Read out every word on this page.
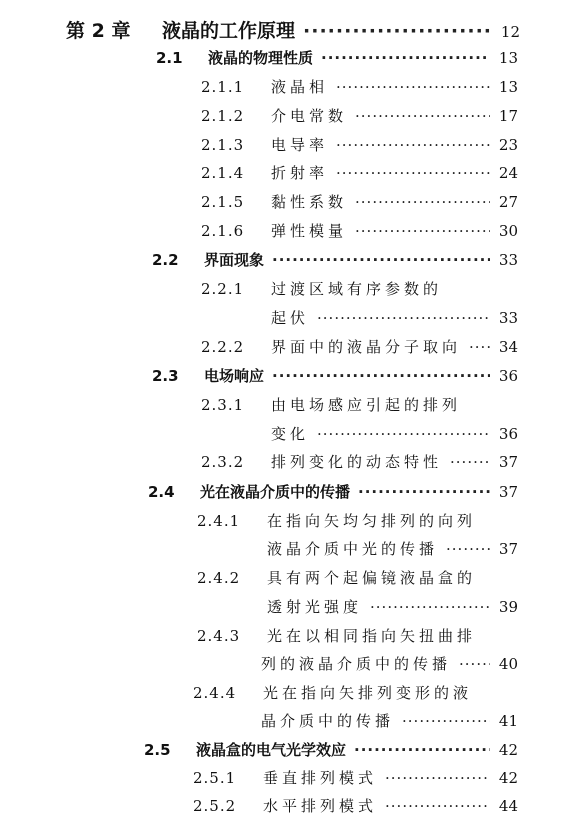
第 2 章	液晶的工作原理 ·····	12
2.1	液晶的物理性质 ·····	13
2.1.1	液晶相 ·····	13
2.1.2	介电常数 ·····	17
2.1.3	电导率 ·····	23
2.1.4	折射率 ·····	24
2.1.5	黏性系数 ·····	27
2.1.6	弹性模量 ·····	30
2.2	界面现象 ·····	33
2.2.1	过渡区域有序参数的
起伏 ·····	33
2.2.2	界面中的液晶分子取向 ·····	34
2.3	电场响应 ·····	36
2.3.1	由电场感应引起的排列
变化 ·····	36
2.3.2	排列变化的动态特性 ·····	37
2.4	光在液晶介质中的传播 ·····	37
2.4.1	在指向矢均匀排列的向列
液晶介质中光的传播 ·····	37
2.4.2	具有两个起偏镜液晶盒的
透射光强度 ·····	39
2.4.3	光在以相同指向矢扭曲排
列的液晶介质中的传播 ·····	40
2.4.4	光在指向矢排列变形的液
晶介质中的传播 ·····	41
2.5	液晶盒的电气光学效应 ·····	42
2.5.1	垂直排列模式 ·····	42
2.5.2	水平排列模式 ·····	44
